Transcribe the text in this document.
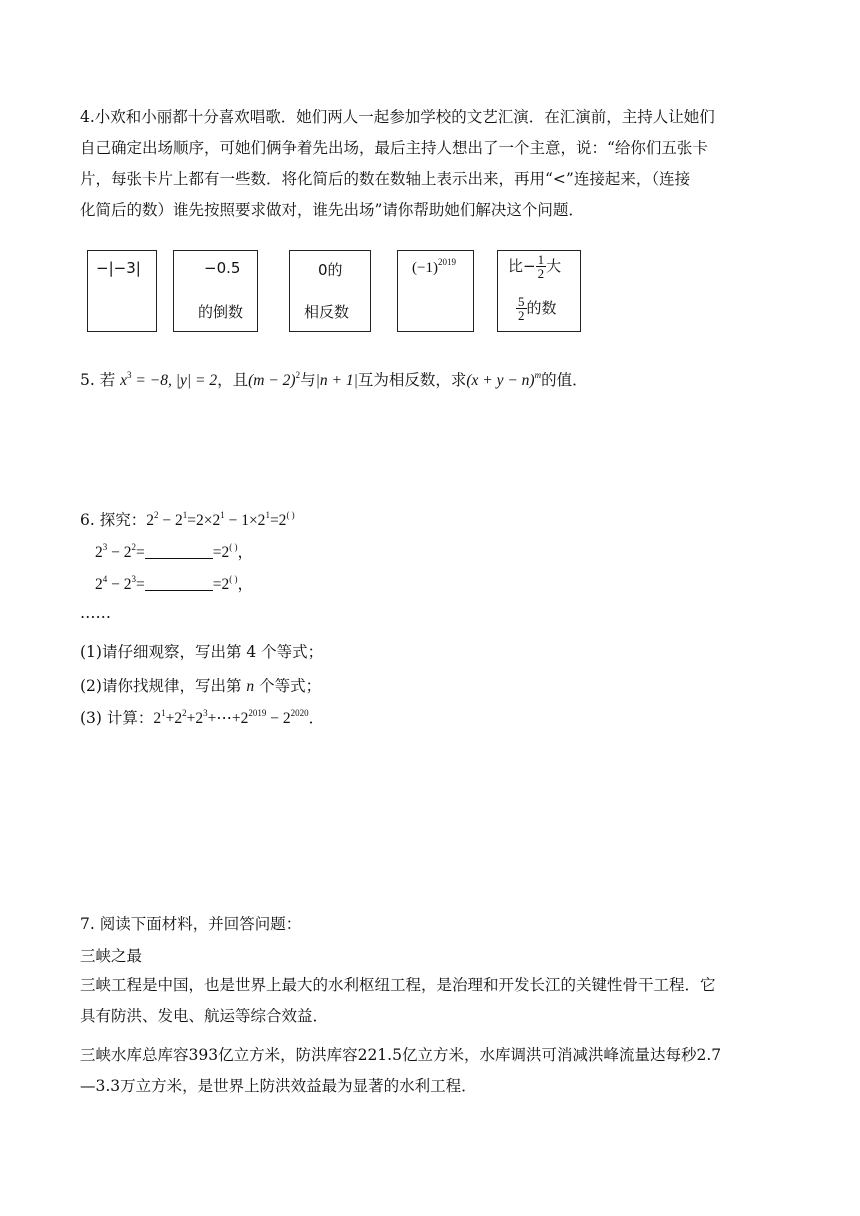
4.小欢和小丽都十分喜欢唱歌．她们两人一起参加学校的文艺汇演．在汇演前，主持人让她们
自己确定出场顺序，可她们俩争着先出场，最后主持人想出了一个主意，说：“给你们五张卡
片，每张卡片上都有一些数．将化简后的数在数轴上表示出来，再用“<”连接起来，（连接
化简后的数）谁先按照要求做对，谁先出场”请你帮助她们解决这个问题．
−|−3|	−0.5
的倒数
0的
相反数
$(-1)^{2019}$	比− $\frac{1}{2}$ 大
$\frac{5}{2}$ 的数
5. 若 $x^3 = -8$, |y| = 2，且$(m - 2)^2$与|n + 1|互为相反数，求$(x + y - n)^m$的值．
6. 探究：$2^2 - 2^1=2\times 2^1 - 1\times 2^1=2^{( )}$
$2^3 - 2^2=$	=2( )，
$2^4 - 2^3=$	=2( )，
……
(1)请仔细观察，写出第 4 个等式；
(2)请你找规律，写出第 n 个等式；
(3) 计算：$2^1+2^2+2^3+\cdots+2^{2019} - 2^{2020}$．
7. 阅读下面材料，并回答问题：
三峡之最
三峡工程是中国，也是世界上最大的水利枢纽工程，是治理和开发长江的关键性骨干工程．它
具有防洪、发电、航运等综合效益．
三峡水库总库容393亿立方米，防洪库容221.5亿立方米，水库调洪可消减洪峰流量达每秒2.7
—3.3万立方米，是世界上防洪效益最为显著的水利工程．
